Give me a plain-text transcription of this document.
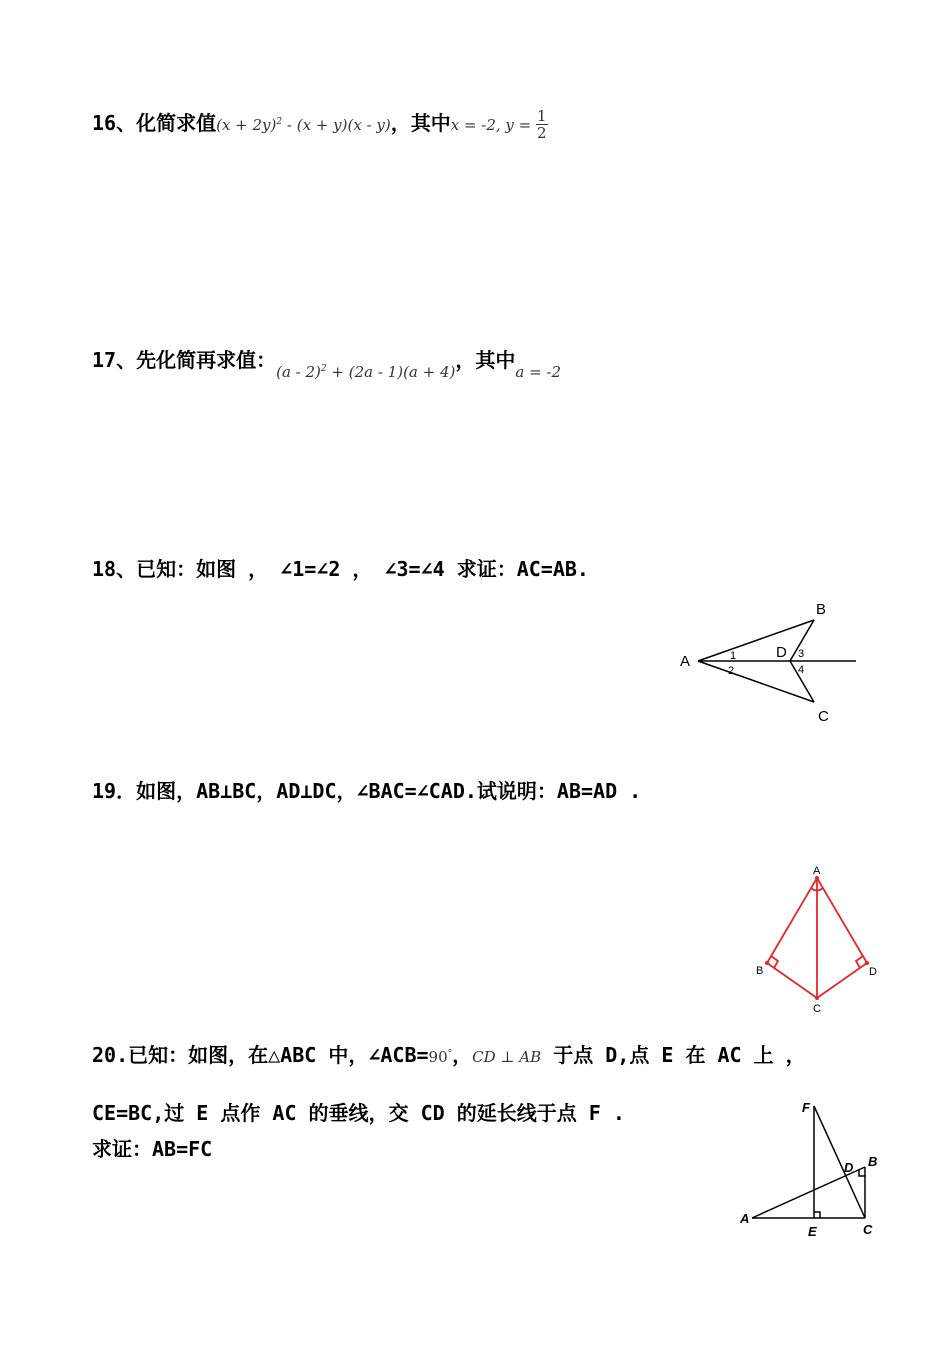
16、化简求值$(x + 2y)^2 - (x + y)(x - y)$，其中x = -2, $y = \frac{1}{2}$
17、先化简再求值：$_{(a - 2)^2 + (2a - 1)(a + 4)}$，其中$_{a = -2}$
18、已知：如图 ， ∠1=∠2 ， ∠3=∠4 求证：AC=AB.
A
B
C
D
1
2
3
4
19．如图，AB⊥BC，AD⊥DC，∠BAC=∠CAD.试说明：AB=AD .
A
B	D
C
20.已知：如图，在△ABC 中，∠ACB=90°，CD ⊥ AB 于点 D,点 E 在 AC 上 ，
CE=BC,过 E 点作 AC 的垂线，交 CD 的延长线于点 F .
求证：AB=FC
A
B
C
D
E
F
